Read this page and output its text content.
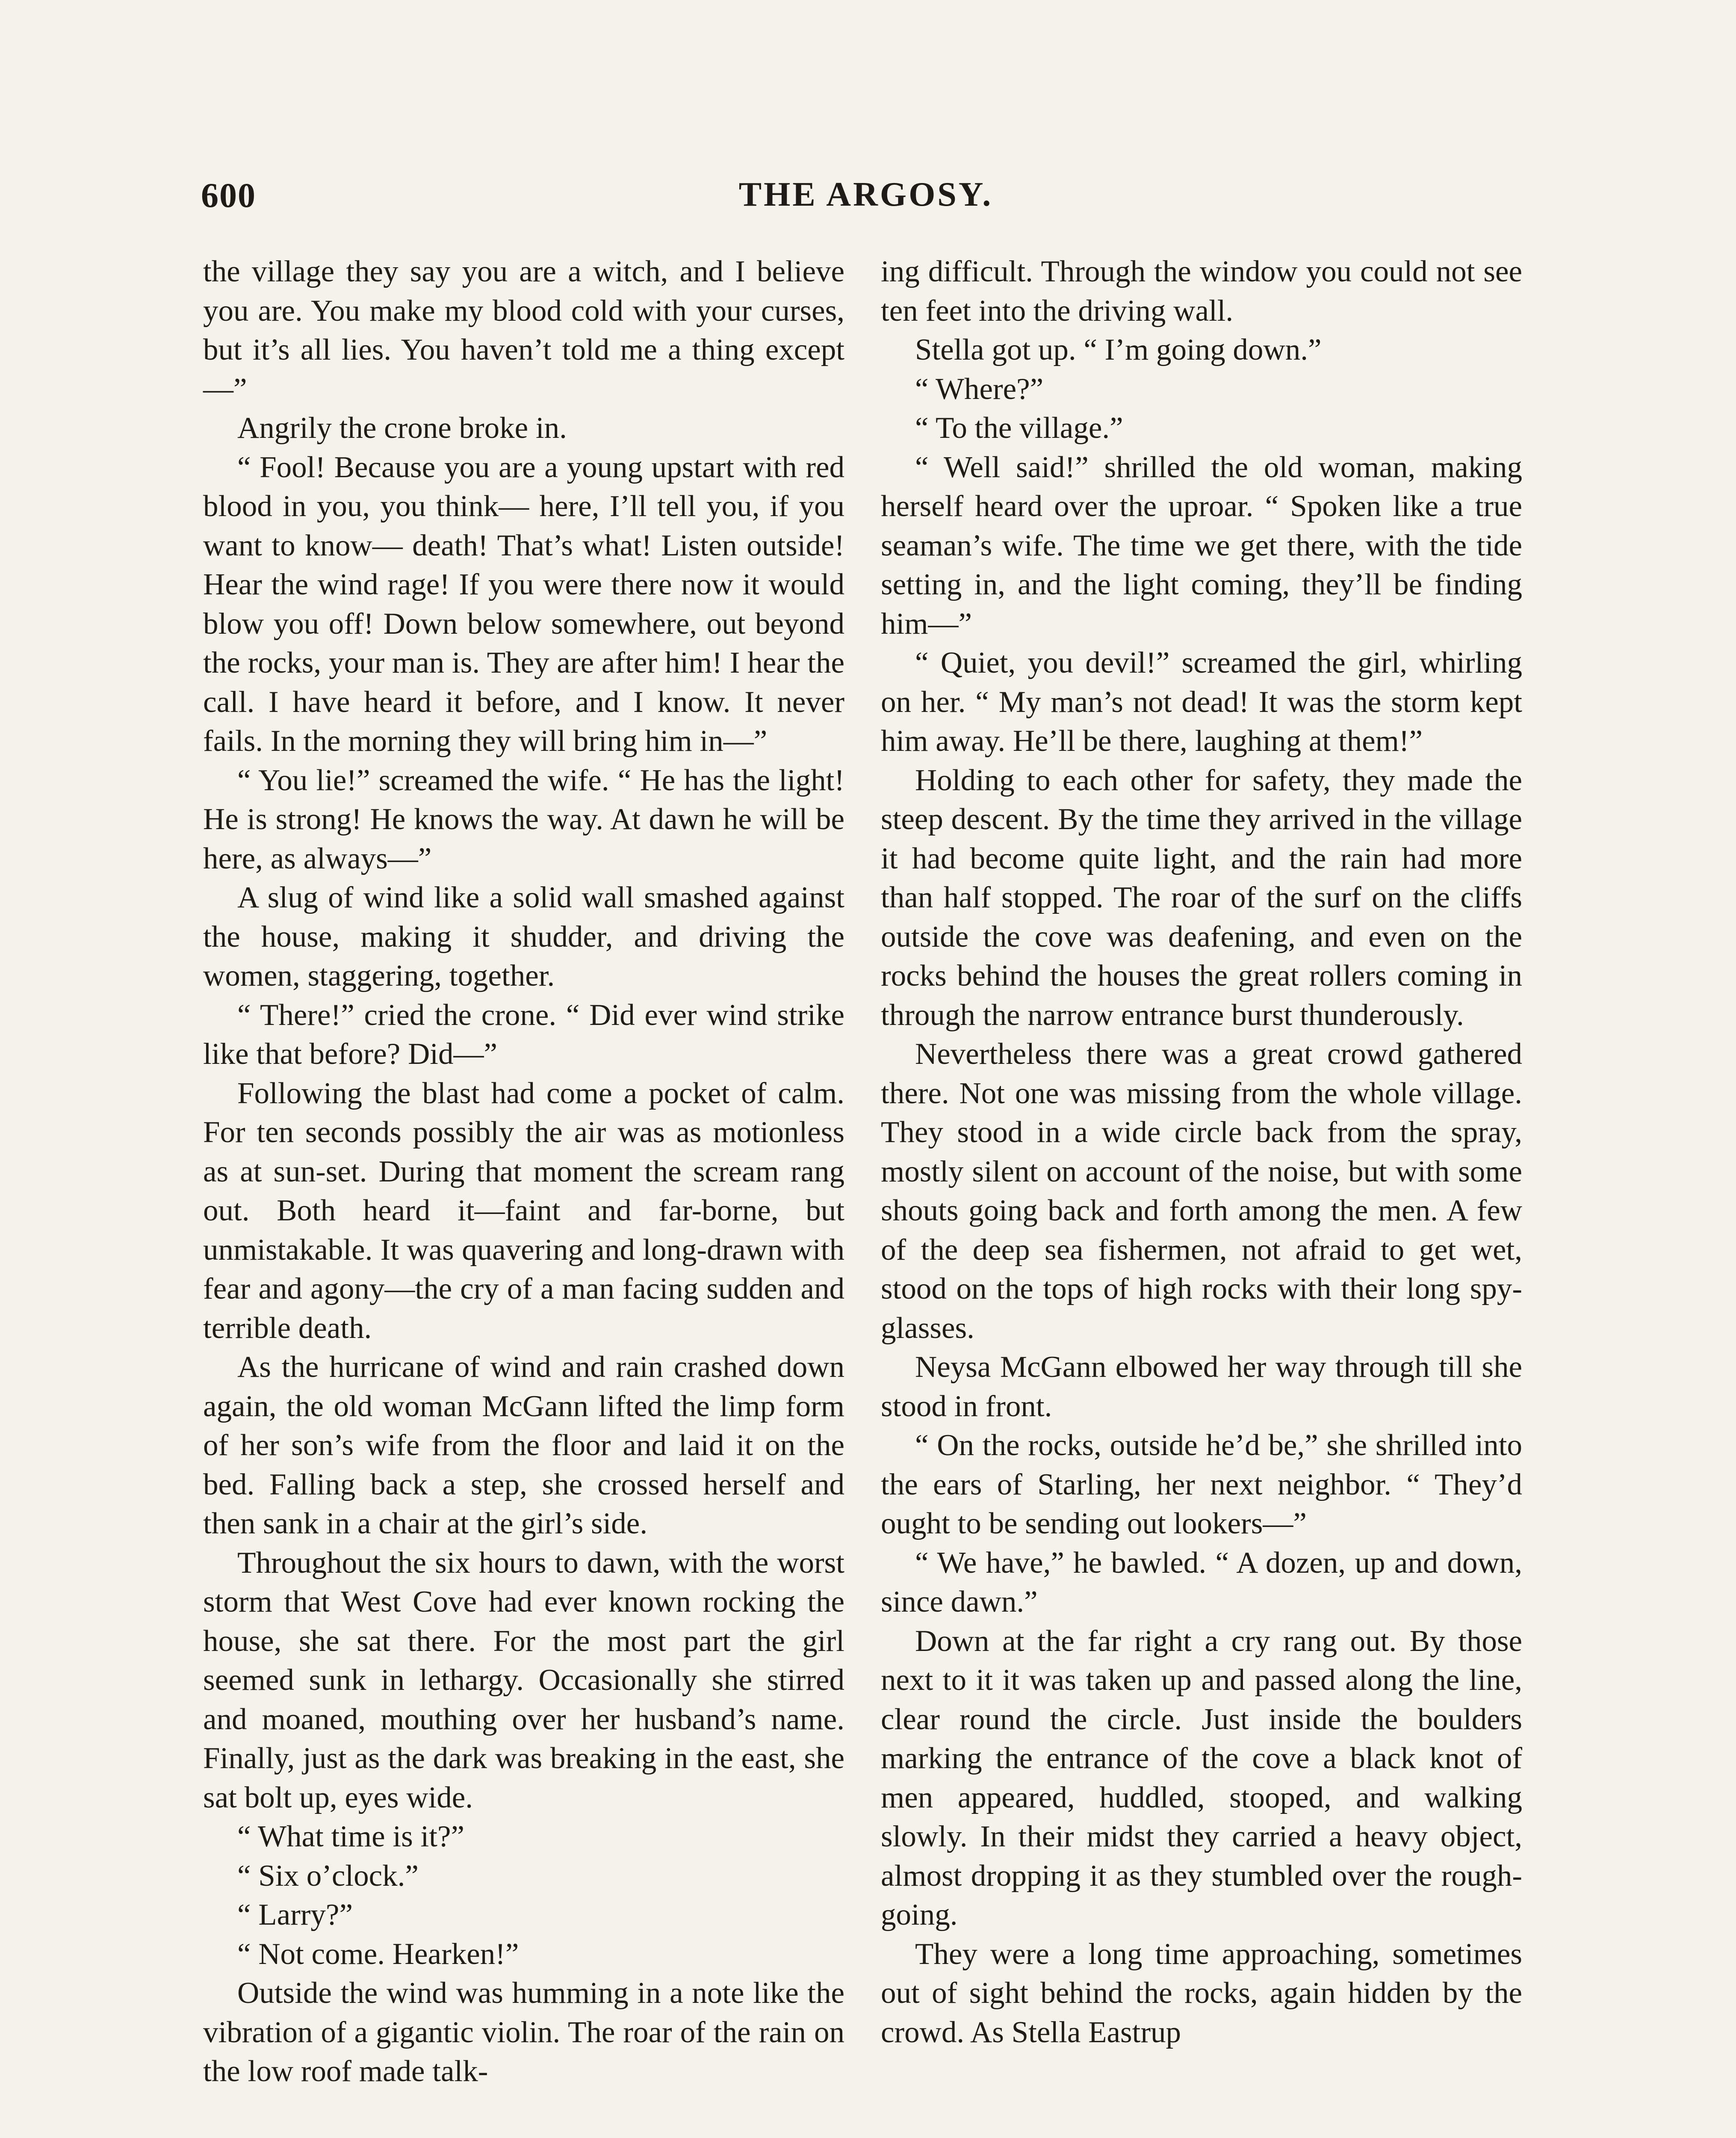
600	THE ARGOSY.

the village they say you are a witch, and I believe you are. You make my blood cold with your curses, but it’s all lies. You haven’t told me a thing except—”

Angrily the crone broke in.

“ Fool! Because you are a young upstart with red blood in you, you think— here, I’ll tell you, if you want to know— death! That’s what! Listen outside! Hear the wind rage! If you were there now it would blow you off! Down below somewhere, out beyond the rocks, your man is. They are after him! I hear the call. I have heard it before, and I know. It never fails. In the morning they will bring him in—”

“ You lie!” screamed the wife. “ He has the light! He is strong! He knows the way. At dawn he will be here, as always—”

A slug of wind like a solid wall smashed against the house, making it shudder, and driving the women, staggering, together.

“ There!” cried the crone. “ Did ever wind strike like that before? Did—”

Following the blast had come a pocket of calm. For ten seconds possibly the air was as motionless as at sun-set. During that moment the scream rang out. Both heard it—faint and far-borne, but unmistakable. It was quavering and long-drawn with fear and agony—the cry of a man facing sudden and terrible death.

As the hurricane of wind and rain crashed down again, the old woman McGann lifted the limp form of her son’s wife from the floor and laid it on the bed. Falling back a step, she crossed herself and then sank in a chair at the girl’s side.

Throughout the six hours to dawn, with the worst storm that West Cove had ever known rocking the house, she sat there. For the most part the girl seemed sunk in lethargy. Occasionally she stirred and moaned, mouthing over her husband’s name. Finally, just as the dark was breaking in the east, she sat bolt up, eyes wide.

“ What time is it?”

“ Six o’clock.”

“ Larry?”

“ Not come. Hearken!”

Outside the wind was humming in a note like the vibration of a gigantic violin. The roar of the rain on the low roof made talk-

ing difficult. Through the window you could not see ten feet into the driving wall.

Stella got up. “ I’m going down.”

“ Where?”

“ To the village.”

“ Well said!” shrilled the old woman, making herself heard over the uproar. “ Spoken like a true seaman’s wife. The time we get there, with the tide setting in, and the light coming, they’ll be finding him—”

“ Quiet, you devil!” screamed the girl, whirling on her. “ My man’s not dead! It was the storm kept him away. He’ll be there, laughing at them!”

Holding to each other for safety, they made the steep descent. By the time they arrived in the village it had become quite light, and the rain had more than half stopped. The roar of the surf on the cliffs outside the cove was deafening, and even on the rocks behind the houses the great rollers coming in through the narrow entrance burst thunderously.

Nevertheless there was a great crowd gathered there. Not one was missing from the whole village. They stood in a wide circle back from the spray, mostly silent on account of the noise, but with some shouts going back and forth among the men. A few of the deep sea fishermen, not afraid to get wet, stood on the tops of high rocks with their long spy-glasses.

Neysa McGann elbowed her way through till she stood in front.

“ On the rocks, outside he’d be,” she shrilled into the ears of Starling, her next neighbor. “ They’d ought to be sending out lookers—”

“ We have,” he bawled. “ A dozen, up and down, since dawn.”

Down at the far right a cry rang out. By those next to it it was taken up and passed along the line, clear round the circle. Just inside the boulders marking the entrance of the cove a black knot of men appeared, huddled, stooped, and walking slowly. In their midst they carried a heavy object, almost dropping it as they stumbled over the rough-going.

They were a long time approaching, sometimes out of sight behind the rocks, again hidden by the crowd. As Stella Eastrup
